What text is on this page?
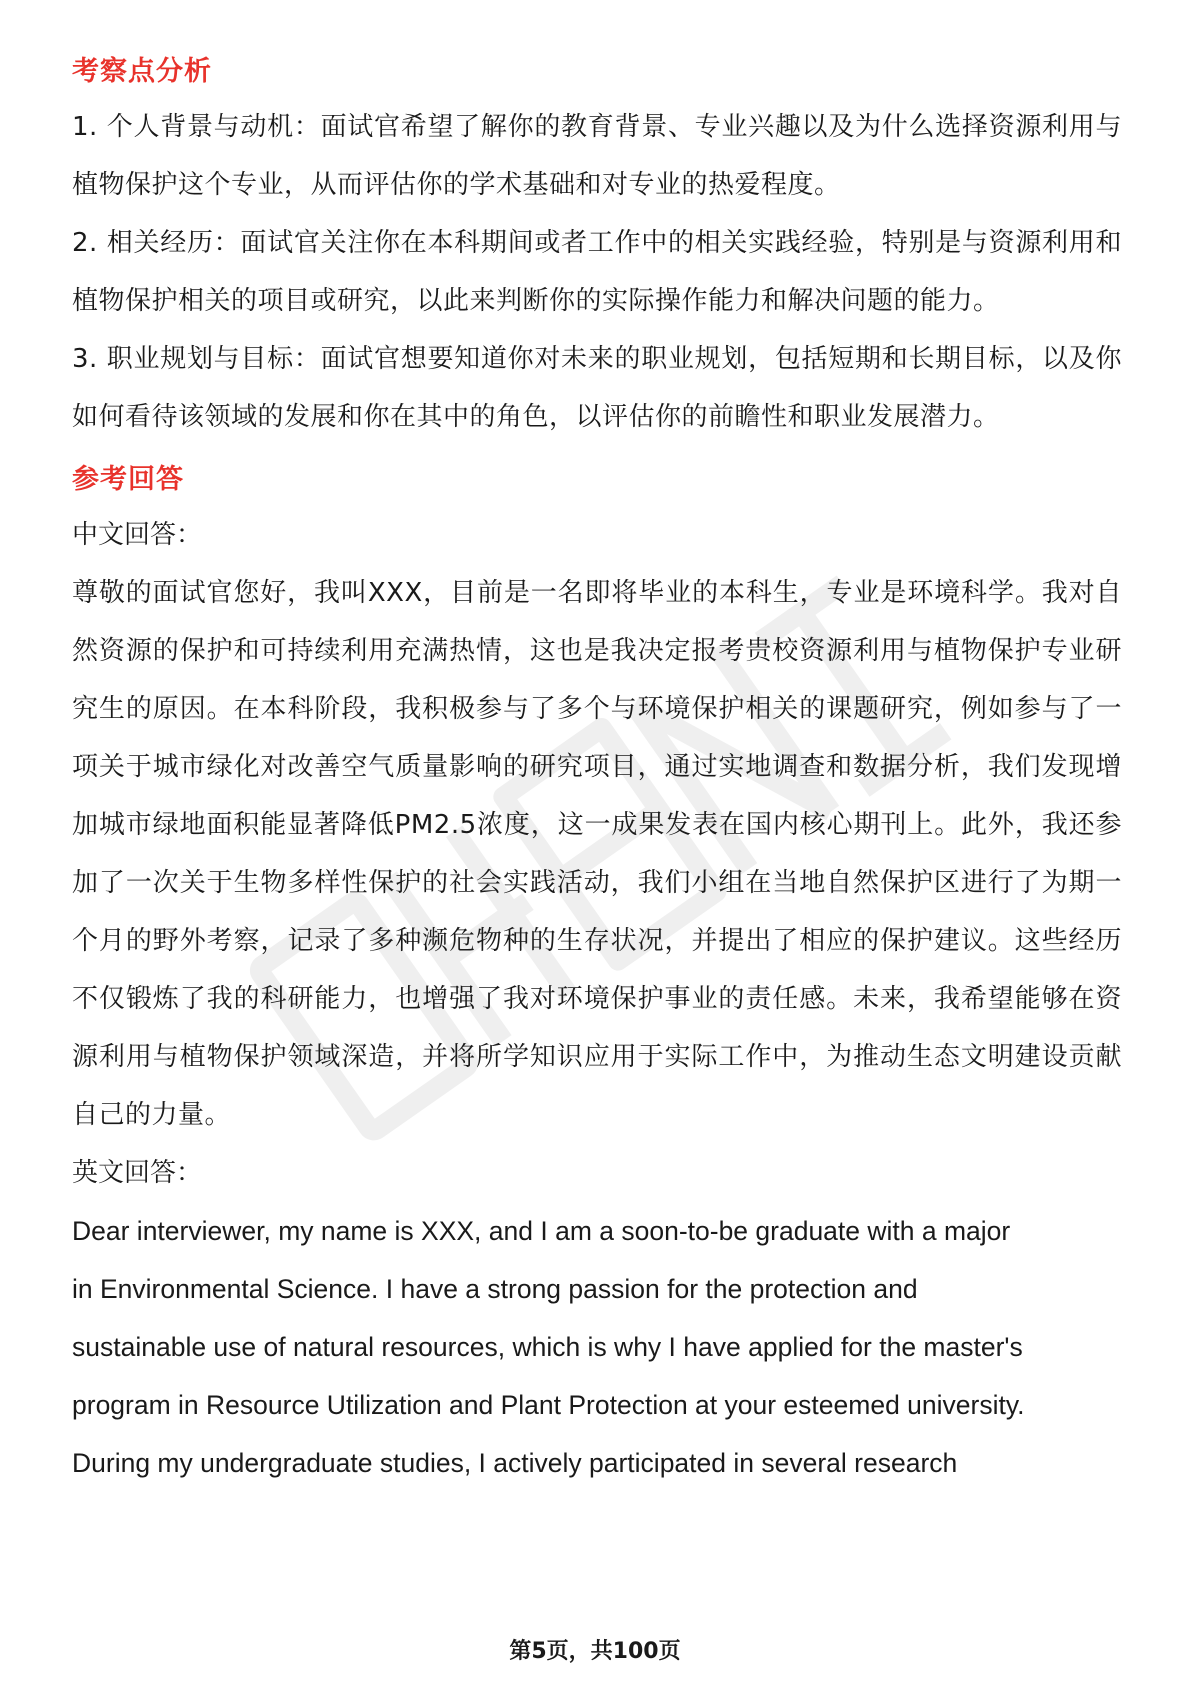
考察点分析

1. 个人背景与动机：面试官希望了解你的教育背景、专业兴趣以及为什么选择资源利用与植物保护这个专业，从而评估你的学术基础和对专业的热爱程度。

2. 相关经历：面试官关注你在本科期间或者工作中的相关实践经验，特别是与资源利用和植物保护相关的项目或研究，以此来判断你的实际操作能力和解决问题的能力。

3. 职业规划与目标：面试官想要知道你对未来的职业规划，包括短期和长期目标，以及你如何看待该领域的发展和你在其中的角色，以评估你的前瞻性和职业发展潜力。

参考回答

中文回答：

尊敬的面试官您好，我叫XXX，目前是一名即将毕业的本科生，专业是环境科学。我对自然资源的保护和可持续利用充满热情，这也是我决定报考贵校资源利用与植物保护专业研究生的原因。在本科阶段，我积极参与了多个与环境保护相关的课题研究，例如参与了一项关于城市绿化对改善空气质量影响的研究项目，通过实地调查和数据分析，我们发现增加城市绿地面积能显著降低PM2.5浓度，这一成果发表在国内核心期刊上。此外，我还参加了一次关于生物多样性保护的社会实践活动，我们小组在当地自然保护区进行了为期一个月的野外考察，记录了多种濒危物种的生存状况，并提出了相应的保护建议。这些经历不仅锻炼了我的科研能力，也增强了我对环境保护事业的责任感。未来，我希望能够在资源利用与植物保护领域深造，并将所学知识应用于实际工作中，为推动生态文明建设贡献自己的力量。

英文回答：

Dear interviewer, my name is XXX, and I am a soon-to-be graduate with a major

in Environmental Science. I have a strong passion for the protection and

sustainable use of natural resources, which is why I have applied for the master's

program in Resource Utilization and Plant Protection at your esteemed university.

During my undergraduate studies, I actively participated in several research

第5页，共100页
